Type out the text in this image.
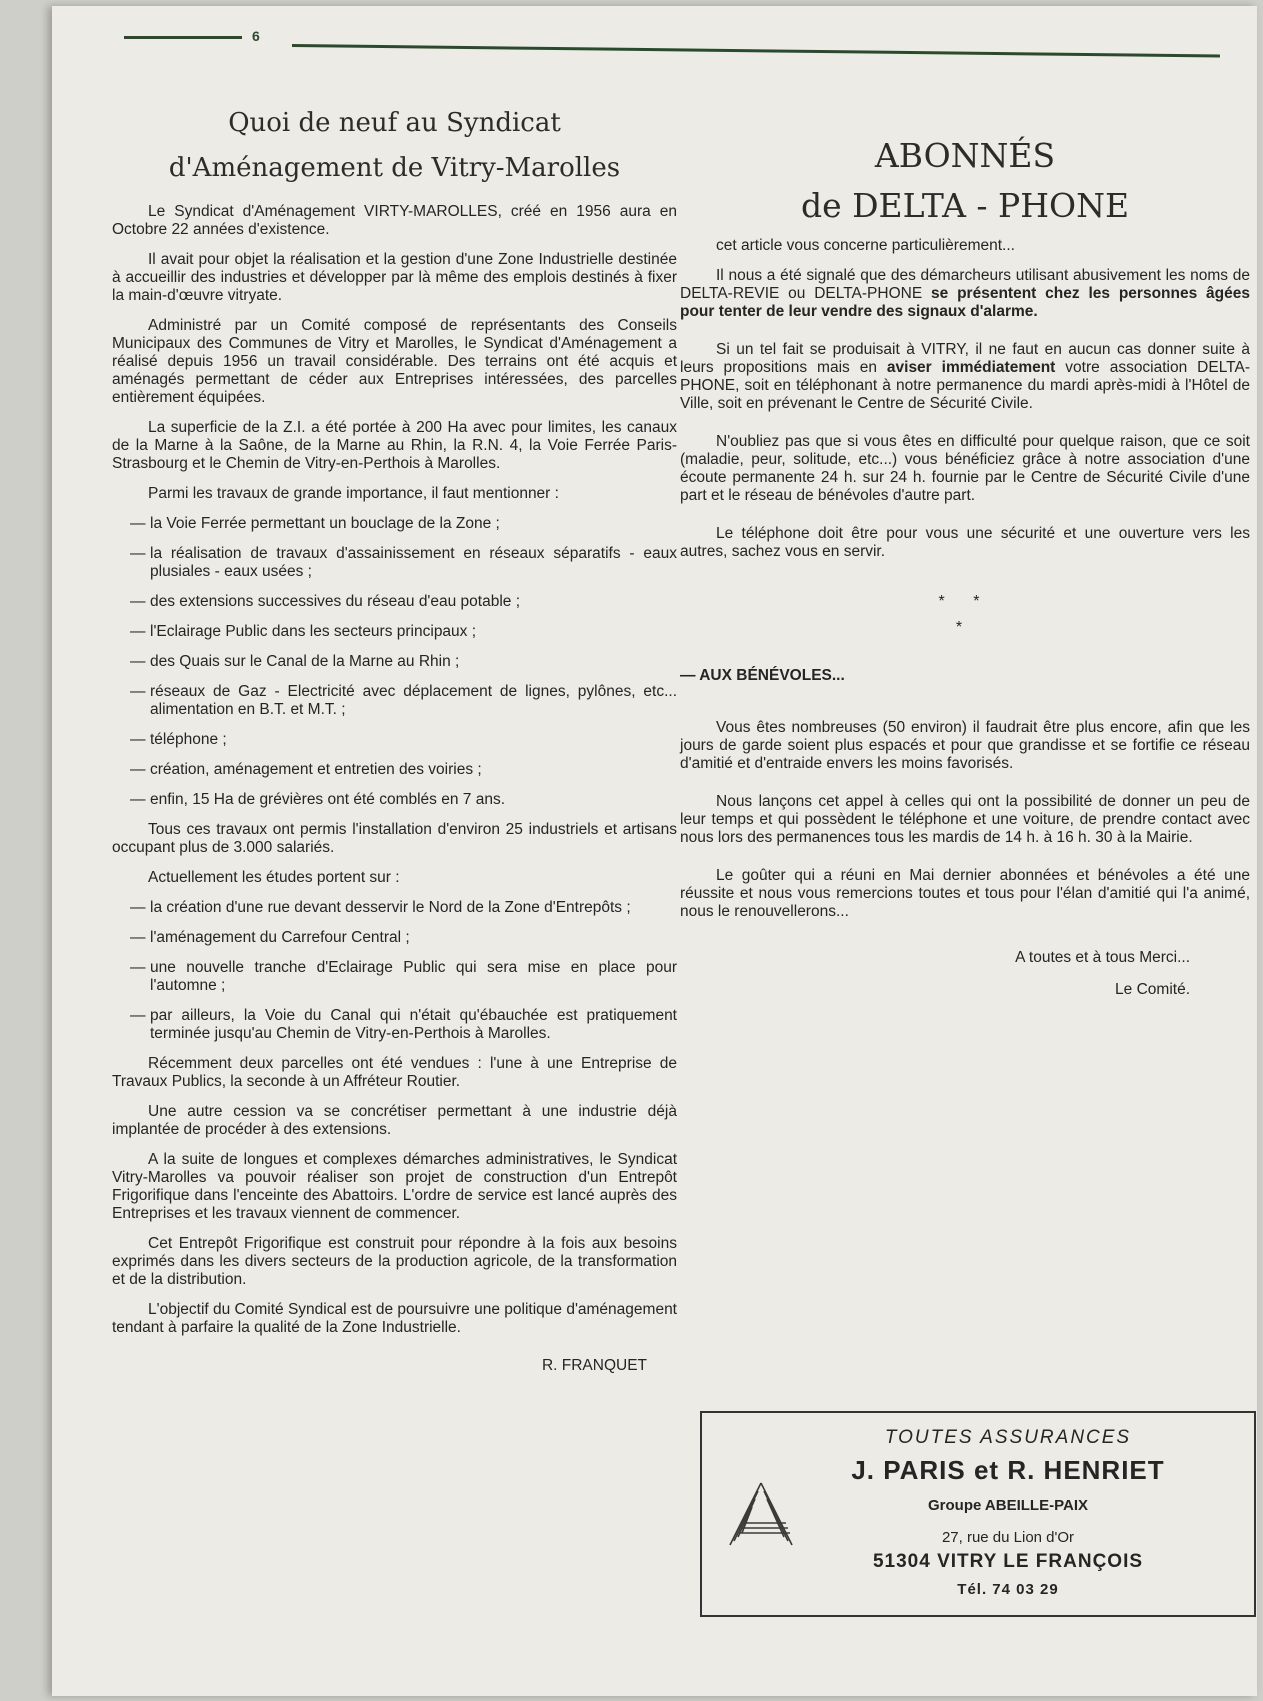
6
Quoi de neuf au Syndicat
d'Aménagement de Vitry-Marolles

Le Syndicat d'Aménagement VIRTY-MAROLLES, créé en 1956 aura en Octobre 22 années d'existence.

Il avait pour objet la réalisation et la gestion d'une Zone Industrielle destinée à accueillir des industries et développer par là même des emplois destinés à fixer la main-d'œuvre vitryate.

Administré par un Comité composé de représentants des Conseils Municipaux des Communes de Vitry et Marolles, le Syndicat d'Aménagement a réalisé depuis 1956 un travail considérable. Des terrains ont été acquis et aménagés permettant de céder aux Entreprises intéressées, des parcelles entièrement équipées.

La superficie de la Z.I. a été portée à 200 Ha avec pour limites, les canaux de la Marne à la Saône, de la Marne au Rhin, la R.N. 4, la Voie Ferrée Paris-Strasbourg et le Chemin de Vitry-en-Perthois à Marolles.

Parmi les travaux de grande importance, il faut mentionner :

— la Voie Ferrée permettant un bouclage de la Zone ;
— la réalisation de travaux d'assainissement en réseaux séparatifs - eaux plusiales - eaux usées ;
— des extensions successives du réseau d'eau potable ;
— l'Eclairage Public dans les secteurs principaux ;
— des Quais sur le Canal de la Marne au Rhin ;
— réseaux de Gaz - Electricité avec déplacement de lignes, pylônes, etc... alimentation en B.T. et M.T. ;
— téléphone ;
— création, aménagement et entretien des voiries ;
— enfin, 15 Ha de grévières ont été comblés en 7 ans.

Tous ces travaux ont permis l'installation d'environ 25 industriels et artisans occupant plus de 3.000 salariés.

Actuellement les études portent sur :

— la création d'une rue devant desservir le Nord de la Zone d'Entrepôts ;
— l'aménagement du Carrefour Central ;
— une nouvelle tranche d'Eclairage Public qui sera mise en place pour l'automne ;
— par ailleurs, la Voie du Canal qui n'était qu'ébauchée est pratiquement terminée jusqu'au Chemin de Vitry-en-Perthois à Marolles.

Récemment deux parcelles ont été vendues : l'une à une Entreprise de Travaux Publics, la seconde à un Affréteur Routier.

Une autre cession va se concrétiser permettant à une industrie déjà implantée de procéder à des extensions.

A la suite de longues et complexes démarches administratives, le Syndicat Vitry-Marolles va pouvoir réaliser son projet de construction d'un Entrepôt Frigorifique dans l'enceinte des Abattoirs. L'ordre de service est lancé auprès des Entreprises et les travaux viennent de commencer.

Cet Entrepôt Frigorifique est construit pour répondre à la fois aux besoins exprimés dans les divers secteurs de la production agricole, de la transformation et de la distribution.

L'objectif du Comité Syndical est de poursuivre une politique d'aménagement tendant à parfaire la qualité de la Zone Industrielle.

R. FRANQUET
ABONNÉS
de DELTA - PHONE

cet article vous concerne particulièrement...

Il nous a été signalé que des démarcheurs utilisant abusivement les noms de DELTA-REVIE ou DELTA-PHONE se présentent chez les personnes âgées pour tenter de leur vendre des signaux d'alarme.

Si un tel fait se produisait à VITRY, il ne faut en aucun cas donner suite à leurs propositions mais en aviser immédiatement votre association DELTA-PHONE, soit en téléphonant à notre permanence du mardi après-midi à l'Hôtel de Ville, soit en prévenant le Centre de Sécurité Civile.

N'oubliez pas que si vous êtes en difficulté pour quelque raison, que ce soit (maladie, peur, solitude, etc...) vous bénéficiez grâce à notre association d'une écoute permanente 24 h. sur 24 h. fournie par le Centre de Sécurité Civile d'une part et le réseau de bénévoles d'autre part.

Le téléphone doit être pour vous une sécurité et une ouverture vers les autres, sachez vous en servir.

* *
*
— AUX BÉNÉVOLES...

Vous êtes nombreuses (50 environ) il faudrait être plus encore, afin que les jours de garde soient plus espacés et pour que grandisse et se fortifie ce réseau d'amitié et d'entraide envers les moins favorisés.

Nous lançons cet appel à celles qui ont la possibilité de donner un peu de leur temps et qui possèdent le téléphone et une voiture, de prendre contact avec nous lors des permanences tous les mardis de 14 h. à 16 h. 30 à la Mairie.

Le goûter qui a réuni en Mai dernier abonnées et bénévoles a été une réussite et nous vous remercions toutes et tous pour l'élan d'amitié qui l'a animé, nous le renouvellerons...

A toutes et à tous Merci...
Le Comité.
TOUTES ASSURANCES
J. PARIS et R. HENRIET
Groupe ABEILLE-PAIX
27, rue du Lion d'Or
51304 VITRY LE FRANÇOIS
Tél. 74 03 29
